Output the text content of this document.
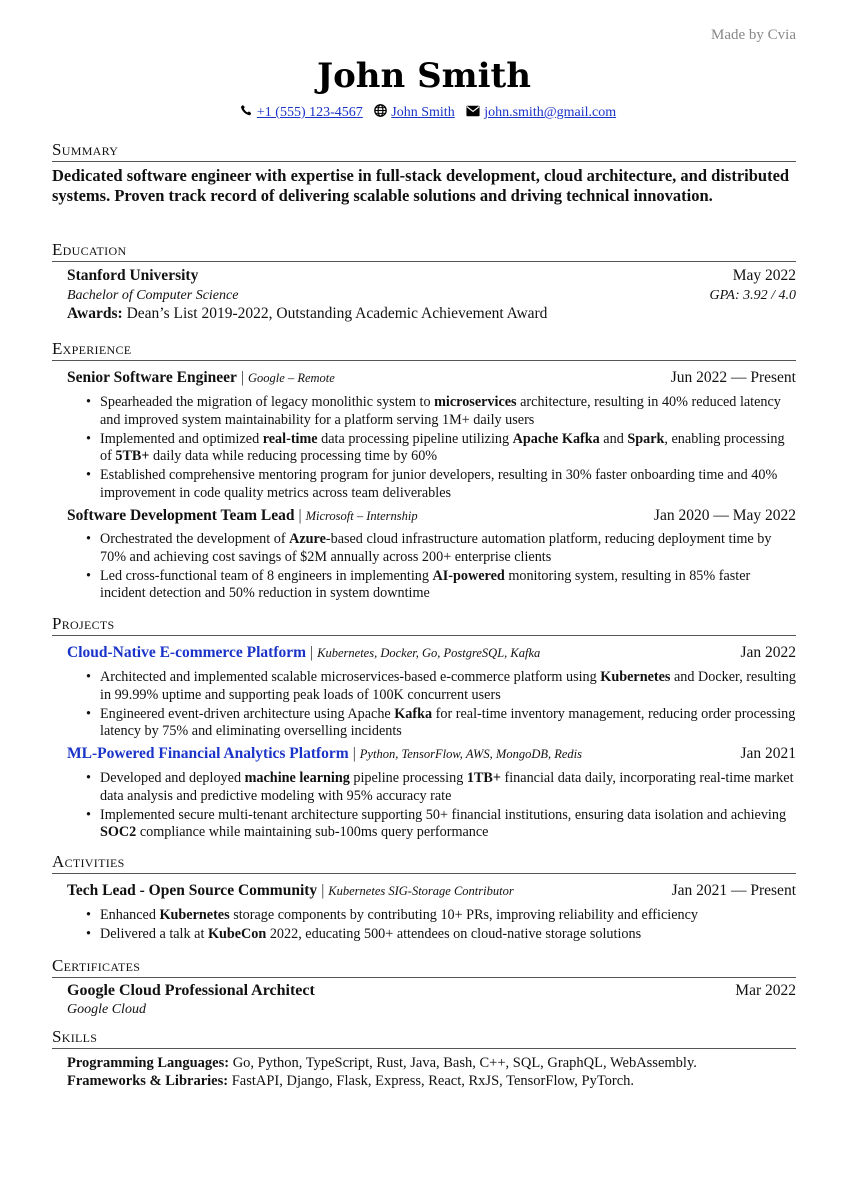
Made by Cvia
John Smith
+1 (555) 123-4567 John Smith john.smith@gmail.com
Summary
Dedicated software engineer with expertise in full-stack development, cloud architecture, and distributed systems. Proven track record of delivering scalable solutions and driving technical innovation.
Education
Stanford University	May 2022
Bachelor of Computer Science	GPA: 3.92 / 4.0
Awards: Dean’s List 2019-2022, Outstanding Academic Achievement Award
Experience
Senior Software Engineer | Google – Remote	Jun 2022 — Present
• Spearheaded the migration of legacy monolithic system to microservices architecture, resulting in 40% reduced latency and improved system maintainability for a platform serving 1M+ daily users
• Implemented and optimized real-time data processing pipeline utilizing Apache Kafka and Spark, enabling processing of 5TB+ daily data while reducing processing time by 60%
• Established comprehensive mentoring program for junior developers, resulting in 30% faster onboarding time and 40% improvement in code quality metrics across team deliverables
Software Development Team Lead | Microsoft – Internship	Jan 2020 — May 2022
• Orchestrated the development of Azure-based cloud infrastructure automation platform, reducing deployment time by 70% and achieving cost savings of $2M annually across 200+ enterprise clients
• Led cross-functional team of 8 engineers in implementing AI-powered monitoring system, resulting in 85% faster incident detection and 50% reduction in system downtime
Projects
Cloud-Native E-commerce Platform | Kubernetes, Docker, Go, PostgreSQL, Kafka	Jan 2022
• Architected and implemented scalable microservices-based e-commerce platform using Kubernetes and Docker, resulting in 99.99% uptime and supporting peak loads of 100K concurrent users
• Engineered event-driven architecture using Apache Kafka for real-time inventory management, reducing order processing latency by 75% and eliminating overselling incidents
ML-Powered Financial Analytics Platform | Python, TensorFlow, AWS, MongoDB, Redis	Jan 2021
• Developed and deployed machine learning pipeline processing 1TB+ financial data daily, incorporating real-time market data analysis and predictive modeling with 95% accuracy rate
• Implemented secure multi-tenant architecture supporting 50+ financial institutions, ensuring data isolation and achieving SOC2 compliance while maintaining sub-100ms query performance
Activities
Tech Lead - Open Source Community | Kubernetes SIG-Storage Contributor	Jan 2021 — Present
• Enhanced Kubernetes storage components by contributing 10+ PRs, improving reliability and efficiency
• Delivered a talk at KubeCon 2022, educating 500+ attendees on cloud-native storage solutions
Certificates
Google Cloud Professional Architect	Mar 2022
Google Cloud
Skills
Programming Languages: Go, Python, TypeScript, Rust, Java, Bash, C++, SQL, GraphQL, WebAssembly.
Frameworks & Libraries: FastAPI, Django, Flask, Express, React, RxJS, TensorFlow, PyTorch.
